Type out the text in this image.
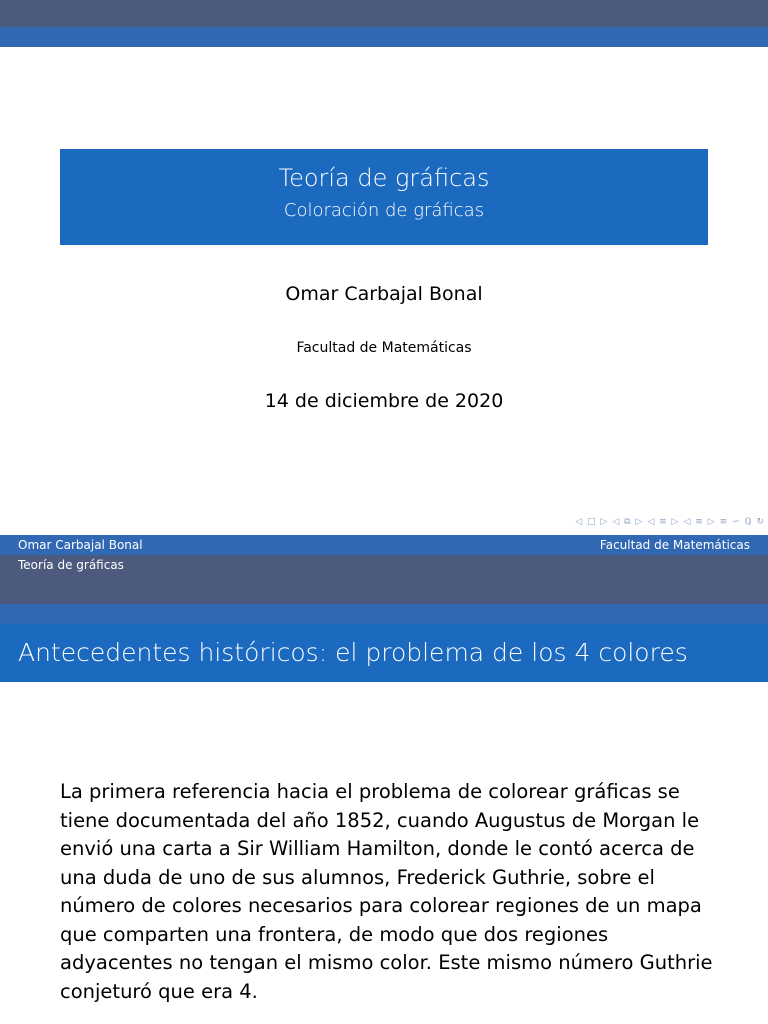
Teoría de gráficas
Coloración de gráficas
Omar Carbajal Bonal
Facultad de Matemáticas
14 de diciembre de 2020
◁ □ ▷ ◁ ⧉ ▷ ◁ ≡ ▷ ◁ ≡ ▷ ≡ ∽ ℚ ↻
Omar Carbajal Bonal	Facultad de Matemáticas
Teoría de gráficas
Antecedentes históricos: el problema de los 4 colores
La primera referencia hacia el problema de colorear gráficas se tiene documentada del año 1852, cuando Augustus de Morgan le envió una carta a Sir William Hamilton, donde le contó acerca de una duda de uno de sus alumnos, Frederick Guthrie, sobre el número de colores necesarios para colorear regiones de un mapa que comparten una frontera, de modo que dos regiones adyacentes no tengan el mismo color. Este mismo número Guthrie conjeturó que era 4.
